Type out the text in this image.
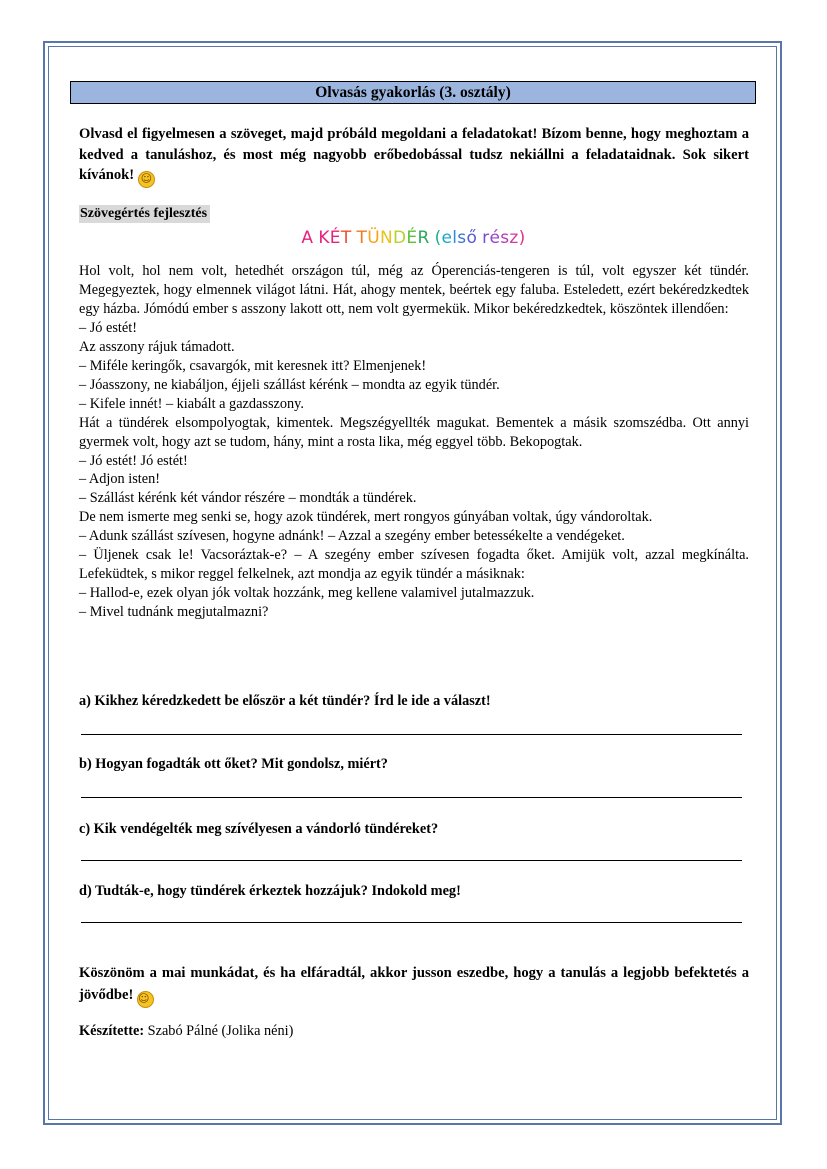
Olvasás gyakorlás (3. osztály)
Olvasd el figyelmesen a szöveget, majd próbáld megoldani a feladatokat! Bízom benne, hogy meghoztam a kedved a tanuláshoz, és most még nagyobb erőbedobással tudsz nekiállni a feladataidnak. Sok sikert kívánok! ☺
Szövegértés fejlesztés
A KÉT TÜNDÉR (első rész)

Hol volt, hol nem volt, hetedhét országon túl, még az Óperenciás-tengeren is túl, volt egyszer két tündér. Megegyeztek, hogy elmennek világot látni. Hát, ahogy mentek, beértek egy faluba. Esteledett, ezért bekéredzkedtek egy házba. Jómódú ember s asszony lakott ott, nem volt gyermekük. Mikor bekéredzkedtek, köszöntek illendően:

– Jó estét!

Az asszony rájuk támadott.

– Miféle keringők, csavargók, mit keresnek itt? Elmenjenek!

– Jóasszony, ne kiabáljon, éjjeli szállást kérénk – mondta az egyik tündér.

– Kifele innét! – kiabált a gazdasszony.

Hát a tündérek elsompolyogtak, kimentek. Megszégyellték magukat. Bementek a másik szomszédba. Ott annyi gyermek volt, hogy azt se tudom, hány, mint a rosta lika, még eggyel több. Bekopogtak.

– Jó estét! Jó estét!

– Adjon isten!

– Szállást kérénk két vándor részére – mondták a tündérek.

De nem ismerte meg senki se, hogy azok tündérek, mert rongyos gúnyában voltak, úgy vándoroltak.

– Adunk szállást szívesen, hogyne adnánk! – Azzal a szegény ember betessékelte a vendégeket.

– Üljenek csak le! Vacsoráztak-e? – A szegény ember szívesen fogadta őket. Amijük volt, azzal megkínálta. Lefeküdtek, s mikor reggel felkelnek, azt mondja az egyik tündér a másiknak:

– Hallod-e, ezek olyan jók voltak hozzánk, meg kellene valamivel jutalmazzuk.

– Mivel tudnánk megjutalmazni?

a) Kikhez kéredzkedett be először a két tündér? Írd le ide a választ!
b) Hogyan fogadták ott őket? Mit gondolsz, miért?
c) Kik vendégelték meg szívélyesen a vándorló tündéreket?
d) Tudták-e, hogy tündérek érkeztek hozzájuk? Indokold meg!
Köszönöm a mai munkádat, és ha elfáradtál, akkor jusson eszedbe, hogy a tanulás a legjobb befektetés a jövődbe! ☺
Készítette: Szabó Pálné (Jolika néni)
